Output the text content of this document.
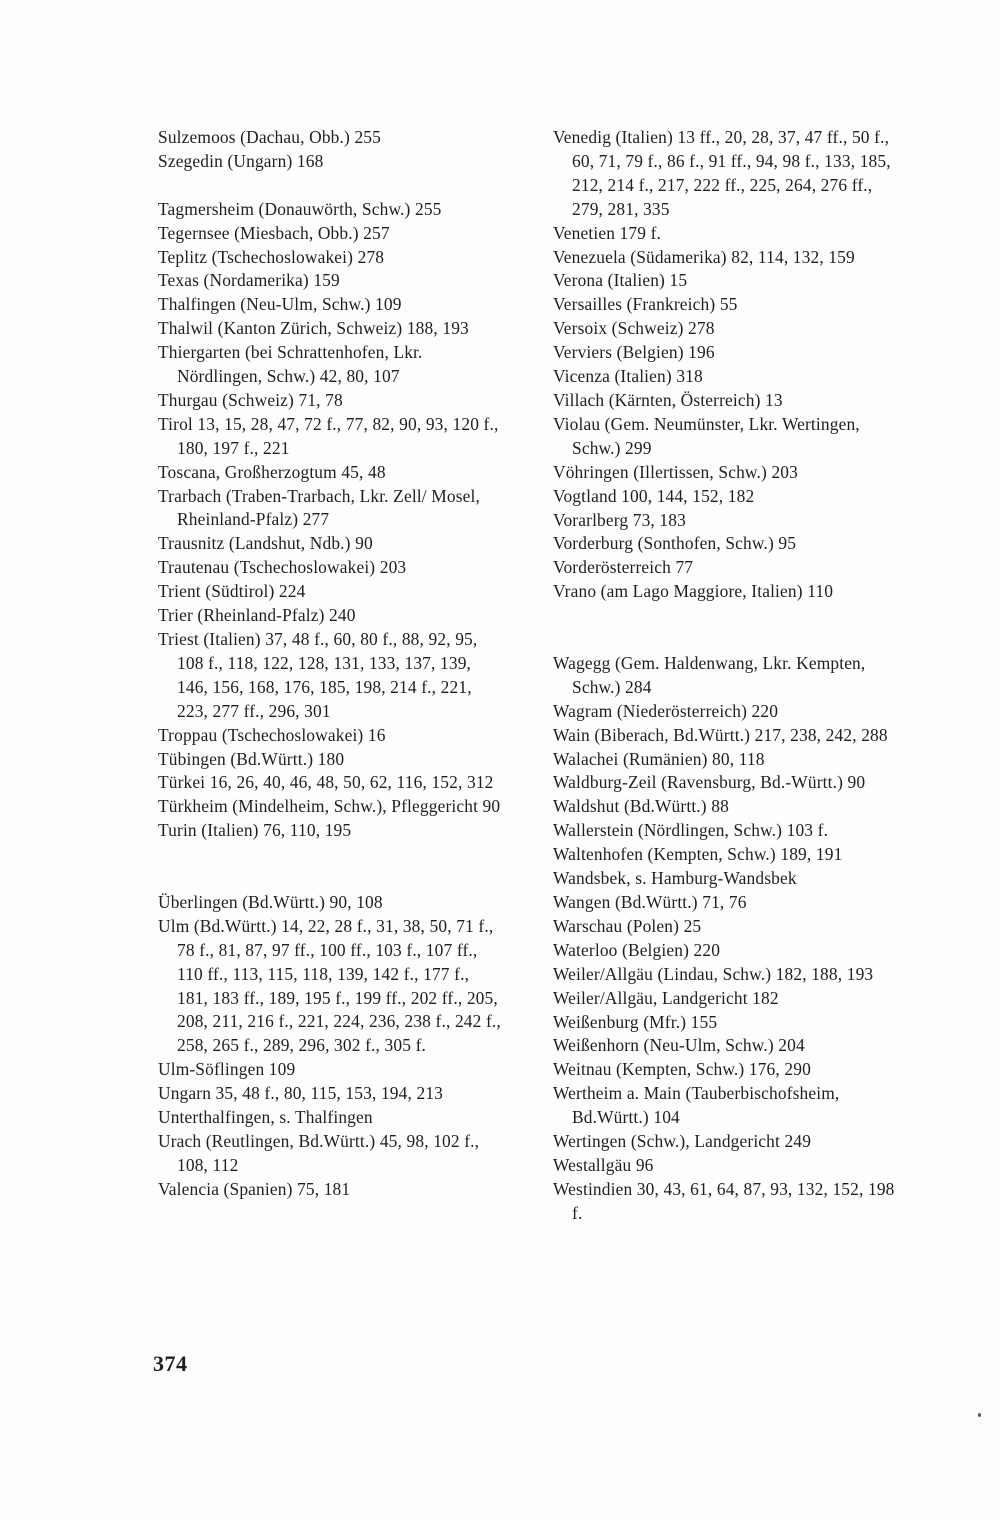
Sulzemoos (Dachau, Obb.) 255
Szegedin (Ungarn) 168
Tagmersheim (Donauwörth, Schw.) 255
Tegernsee (Miesbach, Obb.) 257
Teplitz (Tschechoslowakei) 278
Texas (Nordamerika) 159
Thalfingen (Neu-Ulm, Schw.) 109
Thalwil (Kanton Zürich, Schweiz) 188, 193
Thiergarten (bei Schrattenhofen, Lkr. Nördlingen, Schw.) 42, 80, 107
Thurgau (Schweiz) 71, 78
Tirol 13, 15, 28, 47, 72 f., 77, 82, 90, 93, 120 f., 180, 197 f., 221
Toscana, Großherzogtum 45, 48
Trarbach (Traben-Trarbach, Lkr. Zell/ Mosel, Rheinland-Pfalz) 277
Trausnitz (Landshut, Ndb.) 90
Trautenau (Tschechoslowakei) 203
Trient (Südtirol) 224
Trier (Rheinland-Pfalz) 240
Triest (Italien) 37, 48 f., 60, 80 f., 88, 92, 95, 108 f., 118, 122, 128, 131, 133, 137, 139, 146, 156, 168, 176, 185, 198, 214 f., 221, 223, 277 ff., 296, 301
Troppau (Tschechoslowakei) 16
Tübingen (Bd.Württ.) 180
Türkei 16, 26, 40, 46, 48, 50, 62, 116, 152, 312
Türkheim (Mindelheim, Schw.), Pfleggericht 90
Turin (Italien) 76, 110, 195
Überlingen (Bd.Württ.) 90, 108
Ulm (Bd.Württ.) 14, 22, 28 f., 31, 38, 50, 71 f., 78 f., 81, 87, 97 ff., 100 ff., 103 f., 107 ff., 110 ff., 113, 115, 118, 139, 142 f., 177 f., 181, 183 ff., 189, 195 f., 199 ff., 202 ff., 205, 208, 211, 216 f., 221, 224, 236, 238 f., 242 f., 258, 265 f., 289, 296, 302 f., 305 f.
Ulm-Söflingen 109
Ungarn 35, 48 f., 80, 115, 153, 194, 213
Unterthalfingen, s. Thalfingen
Urach (Reutlingen, Bd.Württ.) 45, 98, 102 f., 108, 112
Valencia (Spanien) 75, 181
Venedig (Italien) 13 ff., 20, 28, 37, 47 ff., 50 f., 60, 71, 79 f., 86 f., 91 ff., 94, 98 f., 133, 185, 212, 214 f., 217, 222 ff., 225, 264, 276 ff., 279, 281, 335
Venetien 179 f.
Venezuela (Südamerika) 82, 114, 132, 159
Verona (Italien) 15
Versailles (Frankreich) 55
Versoix (Schweiz) 278
Verviers (Belgien) 196
Vicenza (Italien) 318
Villach (Kärnten, Österreich) 13
Violau (Gem. Neumünster, Lkr. Wertingen, Schw.) 299
Vöhringen (Illertissen, Schw.) 203
Vogtland 100, 144, 152, 182
Vorarlberg 73, 183
Vorderburg (Sonthofen, Schw.) 95
Vorderösterreich 77
Vrano (am Lago Maggiore, Italien) 110
Wagegg (Gem. Haldenwang, Lkr. Kempten, Schw.) 284
Wagram (Niederösterreich) 220
Wain (Biberach, Bd.Württ.) 217, 238, 242, 288
Walachei (Rumänien) 80, 118
Waldburg-Zeil (Ravensburg, Bd.-Württ.) 90
Waldshut (Bd.Württ.) 88
Wallerstein (Nördlingen, Schw.) 103 f.
Waltenhofen (Kempten, Schw.) 189, 191
Wandsbek, s. Hamburg-Wandsbek
Wangen (Bd.Württ.) 71, 76
Warschau (Polen) 25
Waterloo (Belgien) 220
Weiler/Allgäu (Lindau, Schw.) 182, 188, 193
Weiler/Allgäu, Landgericht 182
Weißenburg (Mfr.) 155
Weißenhorn (Neu-Ulm, Schw.) 204
Weitnau (Kempten, Schw.) 176, 290
Wertheim a. Main (Tauberbischofsheim, Bd.Württ.) 104
Wertingen (Schw.), Landgericht 249
Westallgäu 96
Westindien 30, 43, 61, 64, 87, 93, 132, 152, 198 f.
374
